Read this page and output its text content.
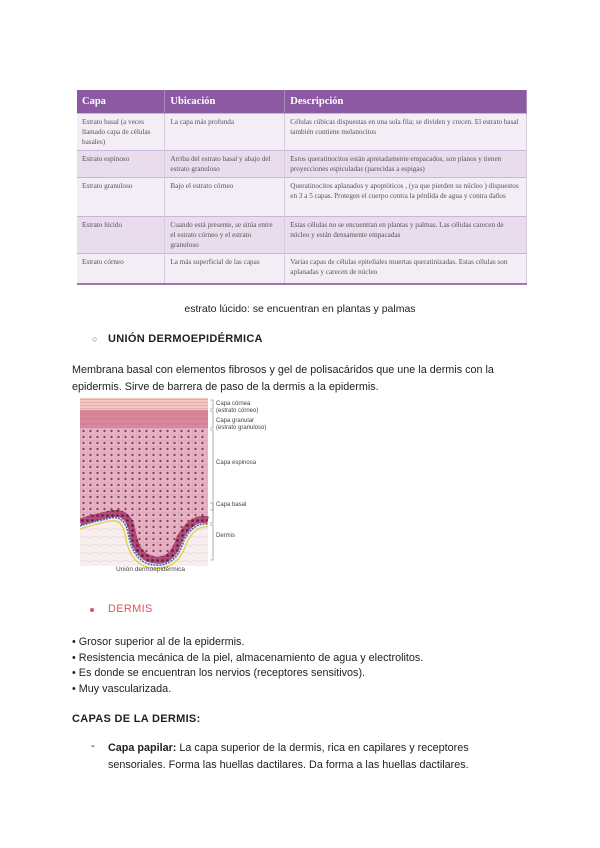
Capa	Ubicación	Descripción
Estrato basal (a veces llamado capa de células basales)	La capa más profunda	Células cúbicas dispuestas en una sola fila; se dividen y crecen. El estrato basal también contiene melanocitos
Estrato espinoso	Arriba del estrato basal y abajo del estrato granuloso	Estos queratinocitos están apretadamente empacados, son planos y tienen proyecciones espiculadas (parecidas a espigas)
Estrato granuloso	Bajo el estrato córneo	Queratinocitos aplanados y apoptóticos , (ya que pierden su núcleo ) dispuestos en 3 a 5 capas. Protegen el cuerpo contra la pérdida de agua y contra daños
Estrato lúcido	Cuando está presente, se sitúa entre el estrato córneo y el estrato granuloso	Estas células no se encuentran en plantas y palmas. Las células carecen de núcleo y están densamente empacadas
Estrato córneo	La más superficial de las capas	Varias capas de células epiteliales muertas queratinizadas. Estas células son aplanadas y carecen de núcleo
estrato lúcido: se encuentran en plantas y palmas
○ UNIÓN DERMOEPIDÉRMICA
Membrana basal con elementos fibrosos y gel de polisacáridos que une la dermis con la epidermis. Sirve de barrera de paso de la dermis a la epidermis.
Capa córnea
(estrato córneo)
Capa granular
(estrato granuloso)
Capa espinosa
Capa basal
Dermis
Unión dermoepidérmica
DERMIS
• Grosor superior al de la epidermis.
• Resistencia mecánica de la piel, almacenamiento de agua y electrolitos.
• Es donde se encuentran los nervios (receptores sensitivos).
• Muy vascularizada.
CAPAS DE LA DERMIS:
- Capa papilar: La capa superior de la dermis, rica en capilares y receptores sensoriales. Forma las huellas dactilares. Da forma a las huellas dactilares.
